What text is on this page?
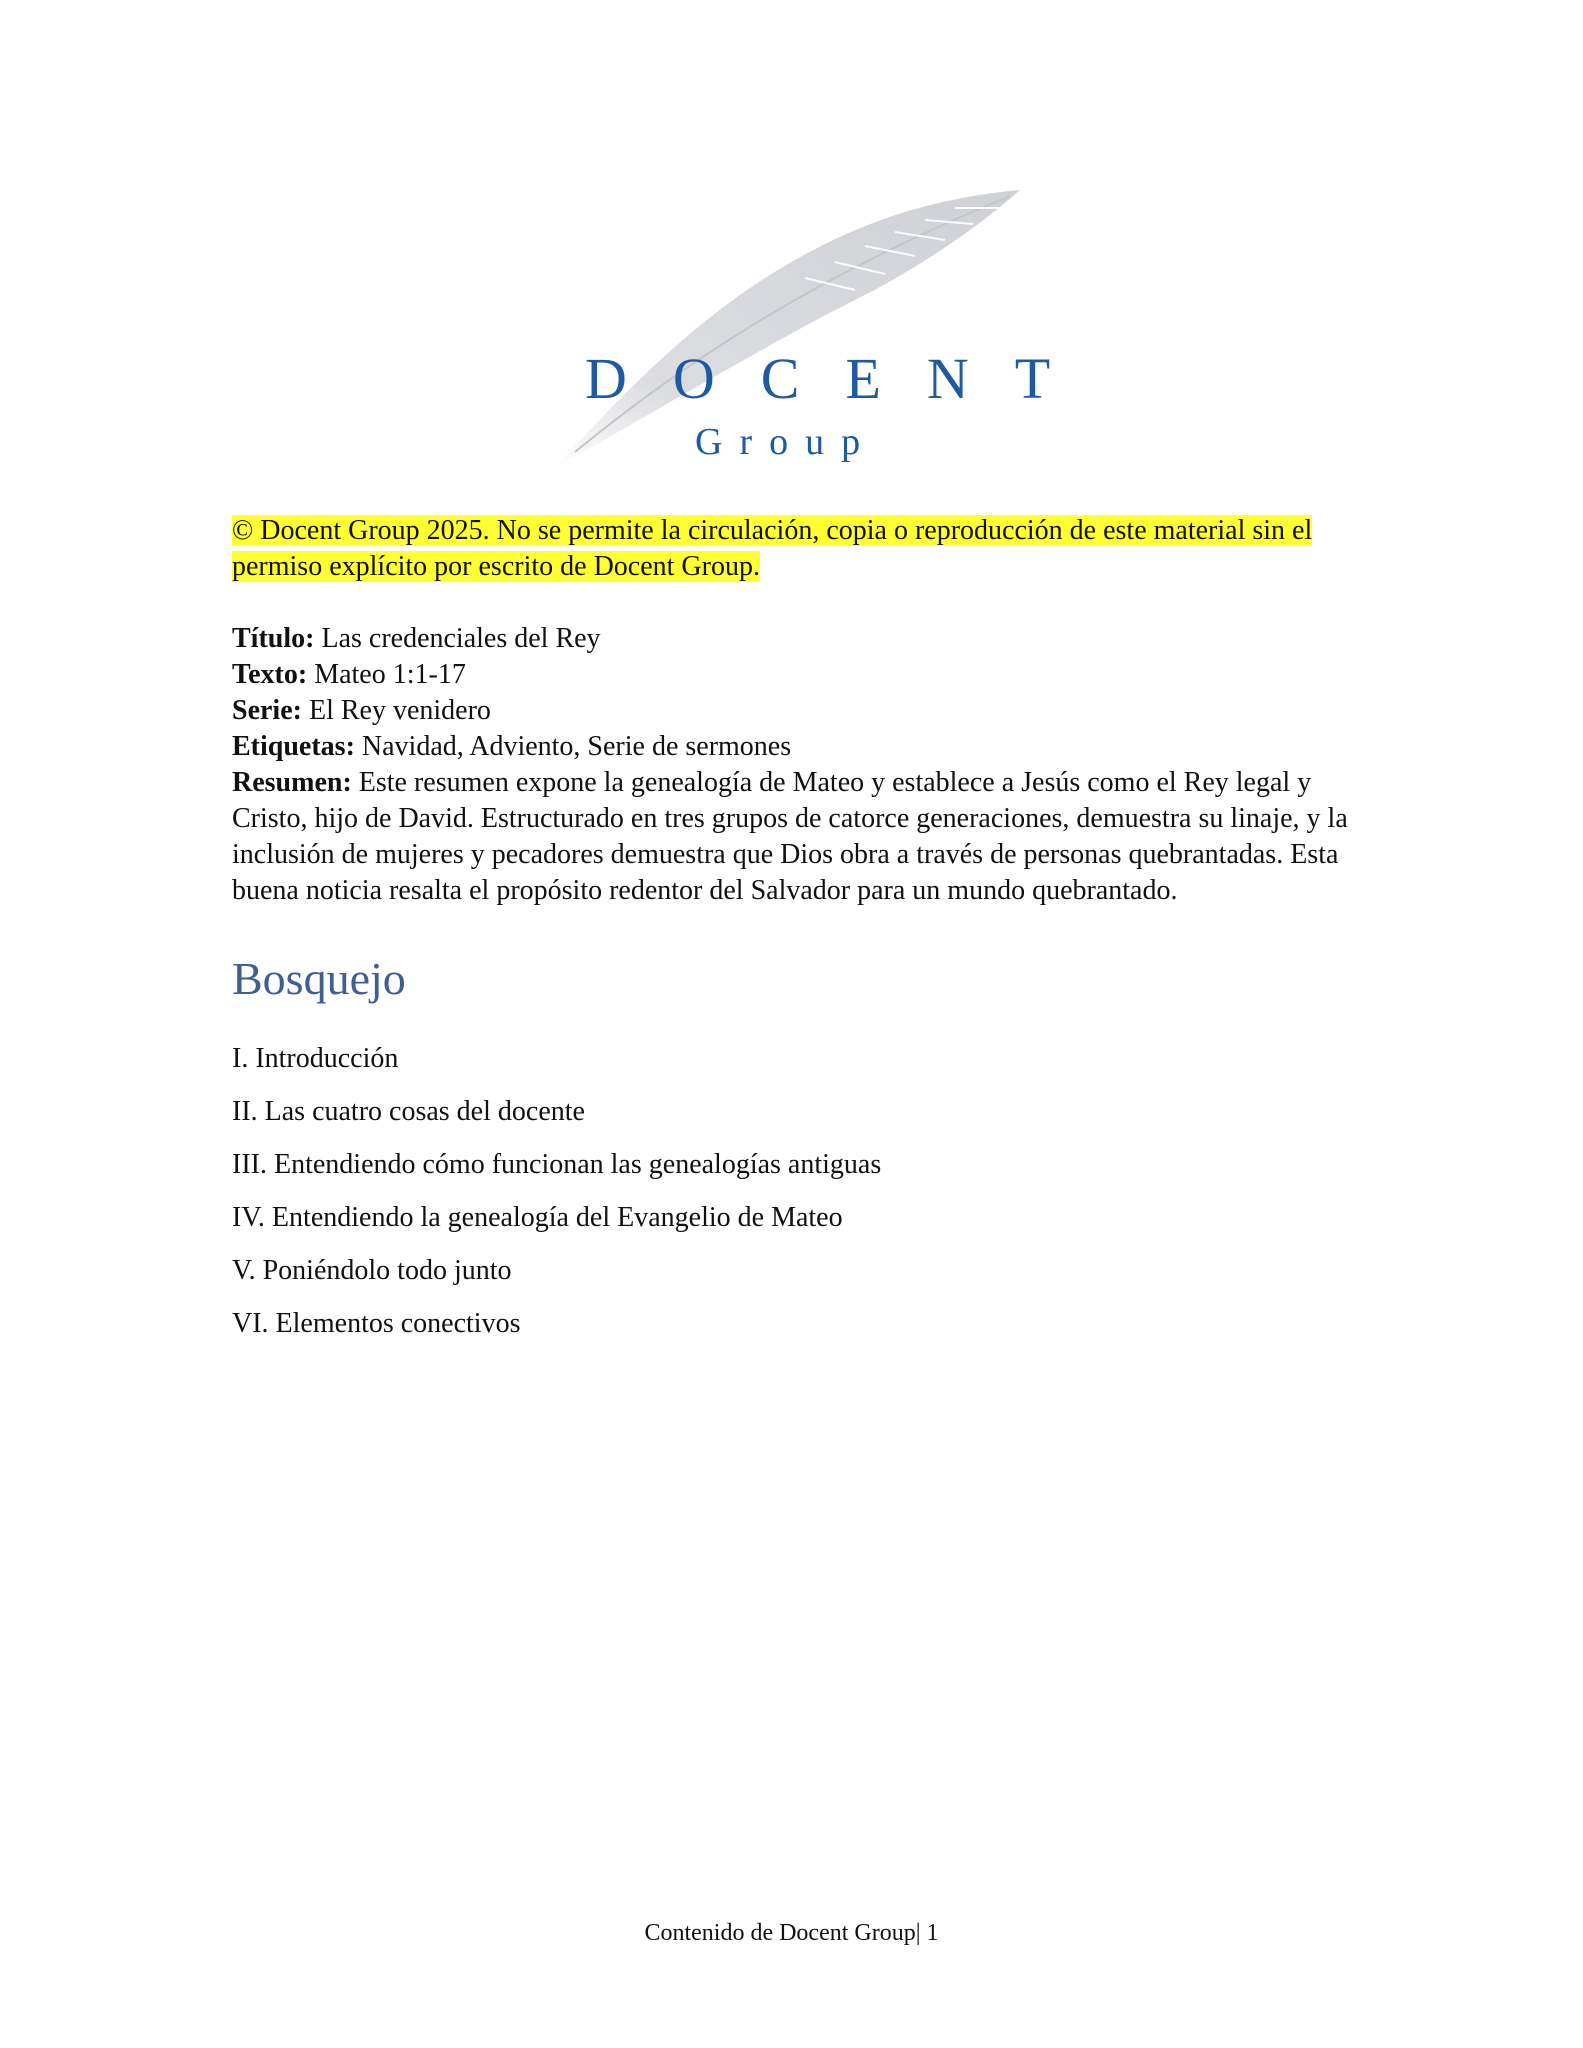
DOCENT
Group

© Docent Group 2025. No se permite la circulación, copia o reproducción de este material sin el permiso explícito por escrito de Docent Group.

Título: Las credenciales del Rey

Texto: Mateo 1:1-17

Serie: El Rey venidero

Etiquetas: Navidad, Adviento, Serie de sermones

Resumen: Este resumen expone la genealogía de Mateo y establece a Jesús como el Rey legal y Cristo, hijo de David. Estructurado en tres grupos de catorce generaciones, demuestra su linaje, y la inclusión de mujeres y pecadores demuestra que Dios obra a través de personas quebrantadas. Esta buena noticia resalta el propósito redentor del Salvador para un mundo quebrantado.

Bosquejo
I. Introducción
II. Las cuatro cosas del docente
III. Entendiendo cómo funcionan las genealogías antiguas
IV. Entendiendo la genealogía del Evangelio de Mateo
V. Poniéndolo todo junto
VI. Elementos conectivos
Contenido de Docent Group| 1
